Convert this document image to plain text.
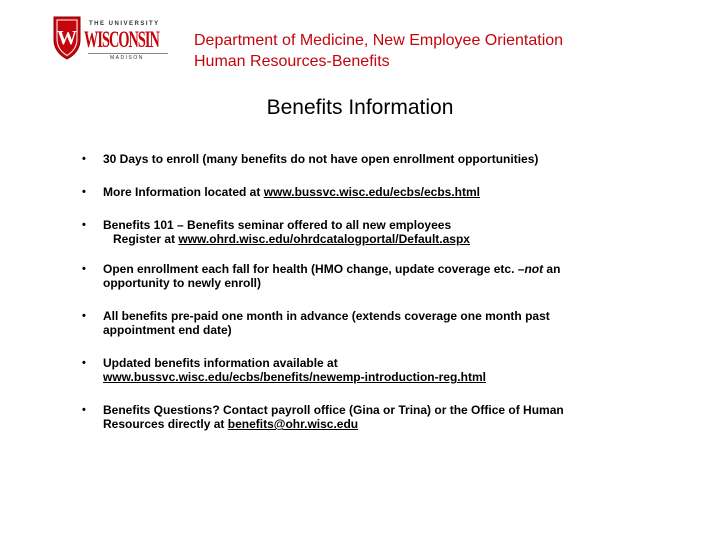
W
THE UNIVERSITY
WISCONSIN
MADISON
Department of Medicine, New Employee Orientation
Human Resources-Benefits
Benefits Information
• 30 Days to enroll (many benefits do not have open enrollment opportunities)
• More Information located at www.bussvc.wisc.edu/ecbs/ecbs.html
• Benefits 101 – Benefits seminar offered to all new employees
Register at www.ohrd.wisc.edu/ohrdcatalogportal/Default.aspx
• Open enrollment each fall for health (HMO change, update coverage etc. –not an
opportunity to newly enroll)
• All benefits pre-paid one month in advance (extends coverage one month past
appointment end date)
• Updated benefits information available at
www.bussvc.wisc.edu/ecbs/benefits/newemp-introduction-reg.html
• Benefits Questions? Contact payroll office (Gina or Trina) or the Office of Human
Resources directly at benefits@ohr.wisc.edu
